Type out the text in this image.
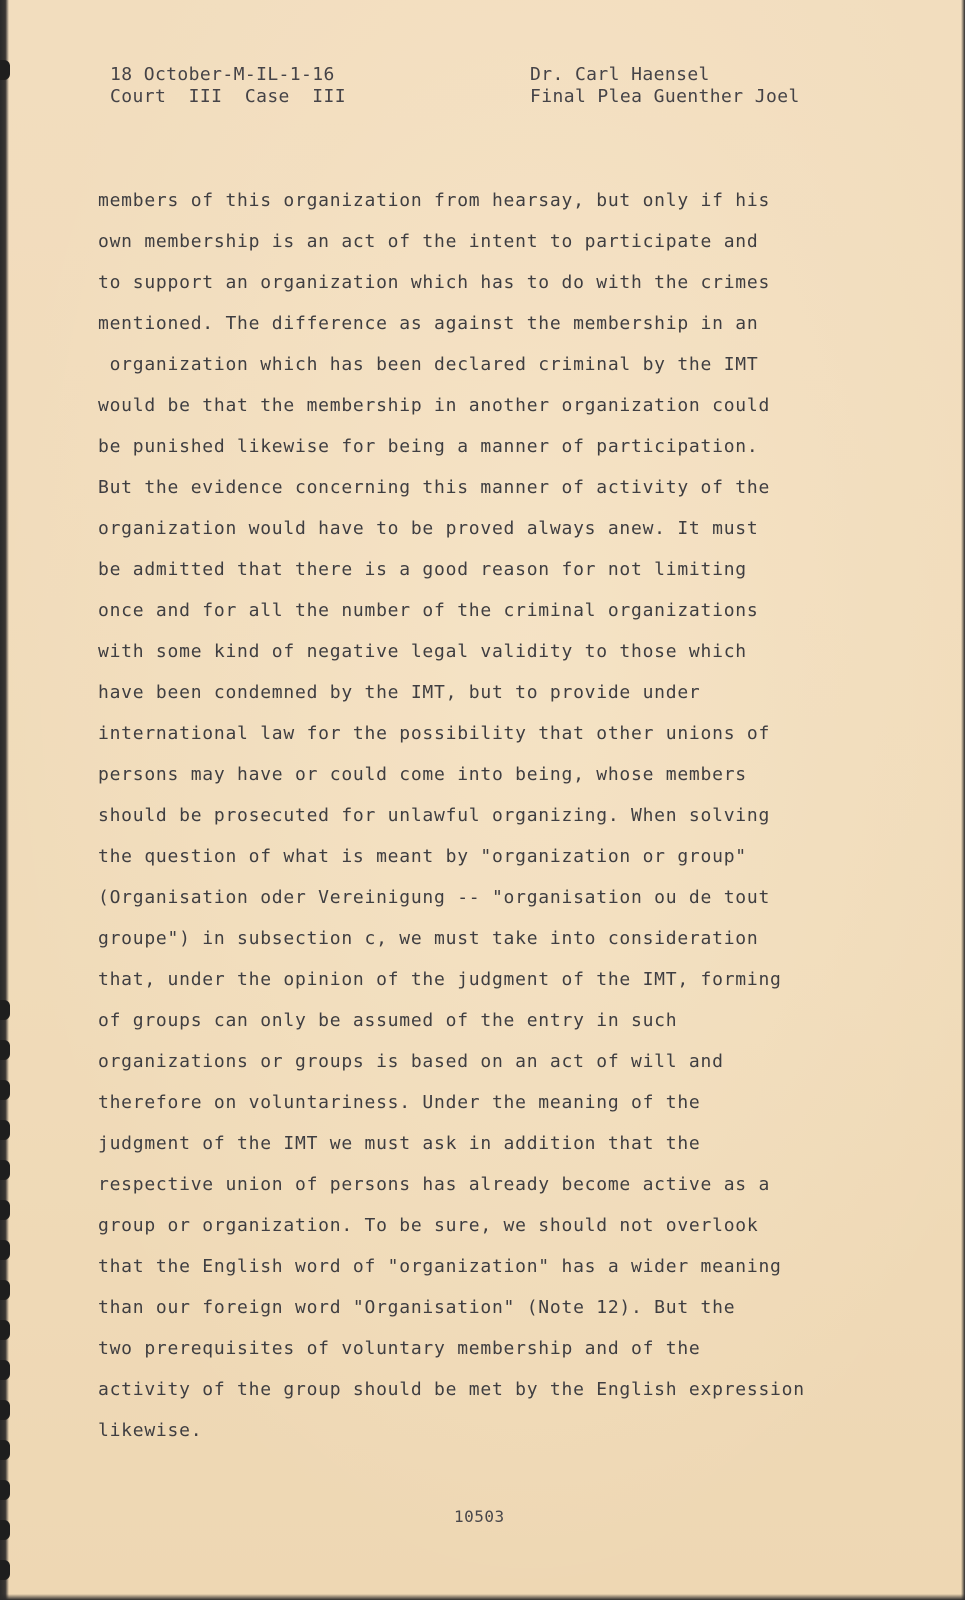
18 October-M-IL-1-16
Court  III  Case  III
Dr. Carl Haensel
Final Plea Guenther Joel
members of this organization from hearsay, but only if his
own membership is an act of the intent to participate and
to support an organization which has to do with the crimes
mentioned. The difference as against the membership in an
organization which has been declared criminal by the IMT
would be that the membership in another organization could
be punished likewise for being a manner of participation.
But the evidence concerning this manner of activity of the
organization would have to be proved always anew. It must
be admitted that there is a good reason for not limiting
once and for all the number of the criminal organizations
with some kind of negative legal validity to those which
have been condemned by the IMT, but to provide under
international law for the possibility that other unions of
persons may have or could come into being, whose members
should be prosecuted for unlawful organizing. When solving
the question of what is meant by "organization or group"
(Organisation oder Vereinigung -- "organisation ou de tout
groupe") in subsection c, we must take into consideration
that, under the opinion of the judgment of the IMT, forming
of groups can only be assumed of the entry in such
organizations or groups is based on an act of will and
therefore on voluntariness. Under the meaning of the
judgment of the IMT we must ask in addition that the
respective union of persons has already become active as a
group or organization. To be sure, we should not overlook
that the English word of "organization" has a wider meaning
than our foreign word "Organisation" (Note 12). But the
two prerequisites of voluntary membership and of the
activity of the group should be met by the English expression
likewise.
10503
